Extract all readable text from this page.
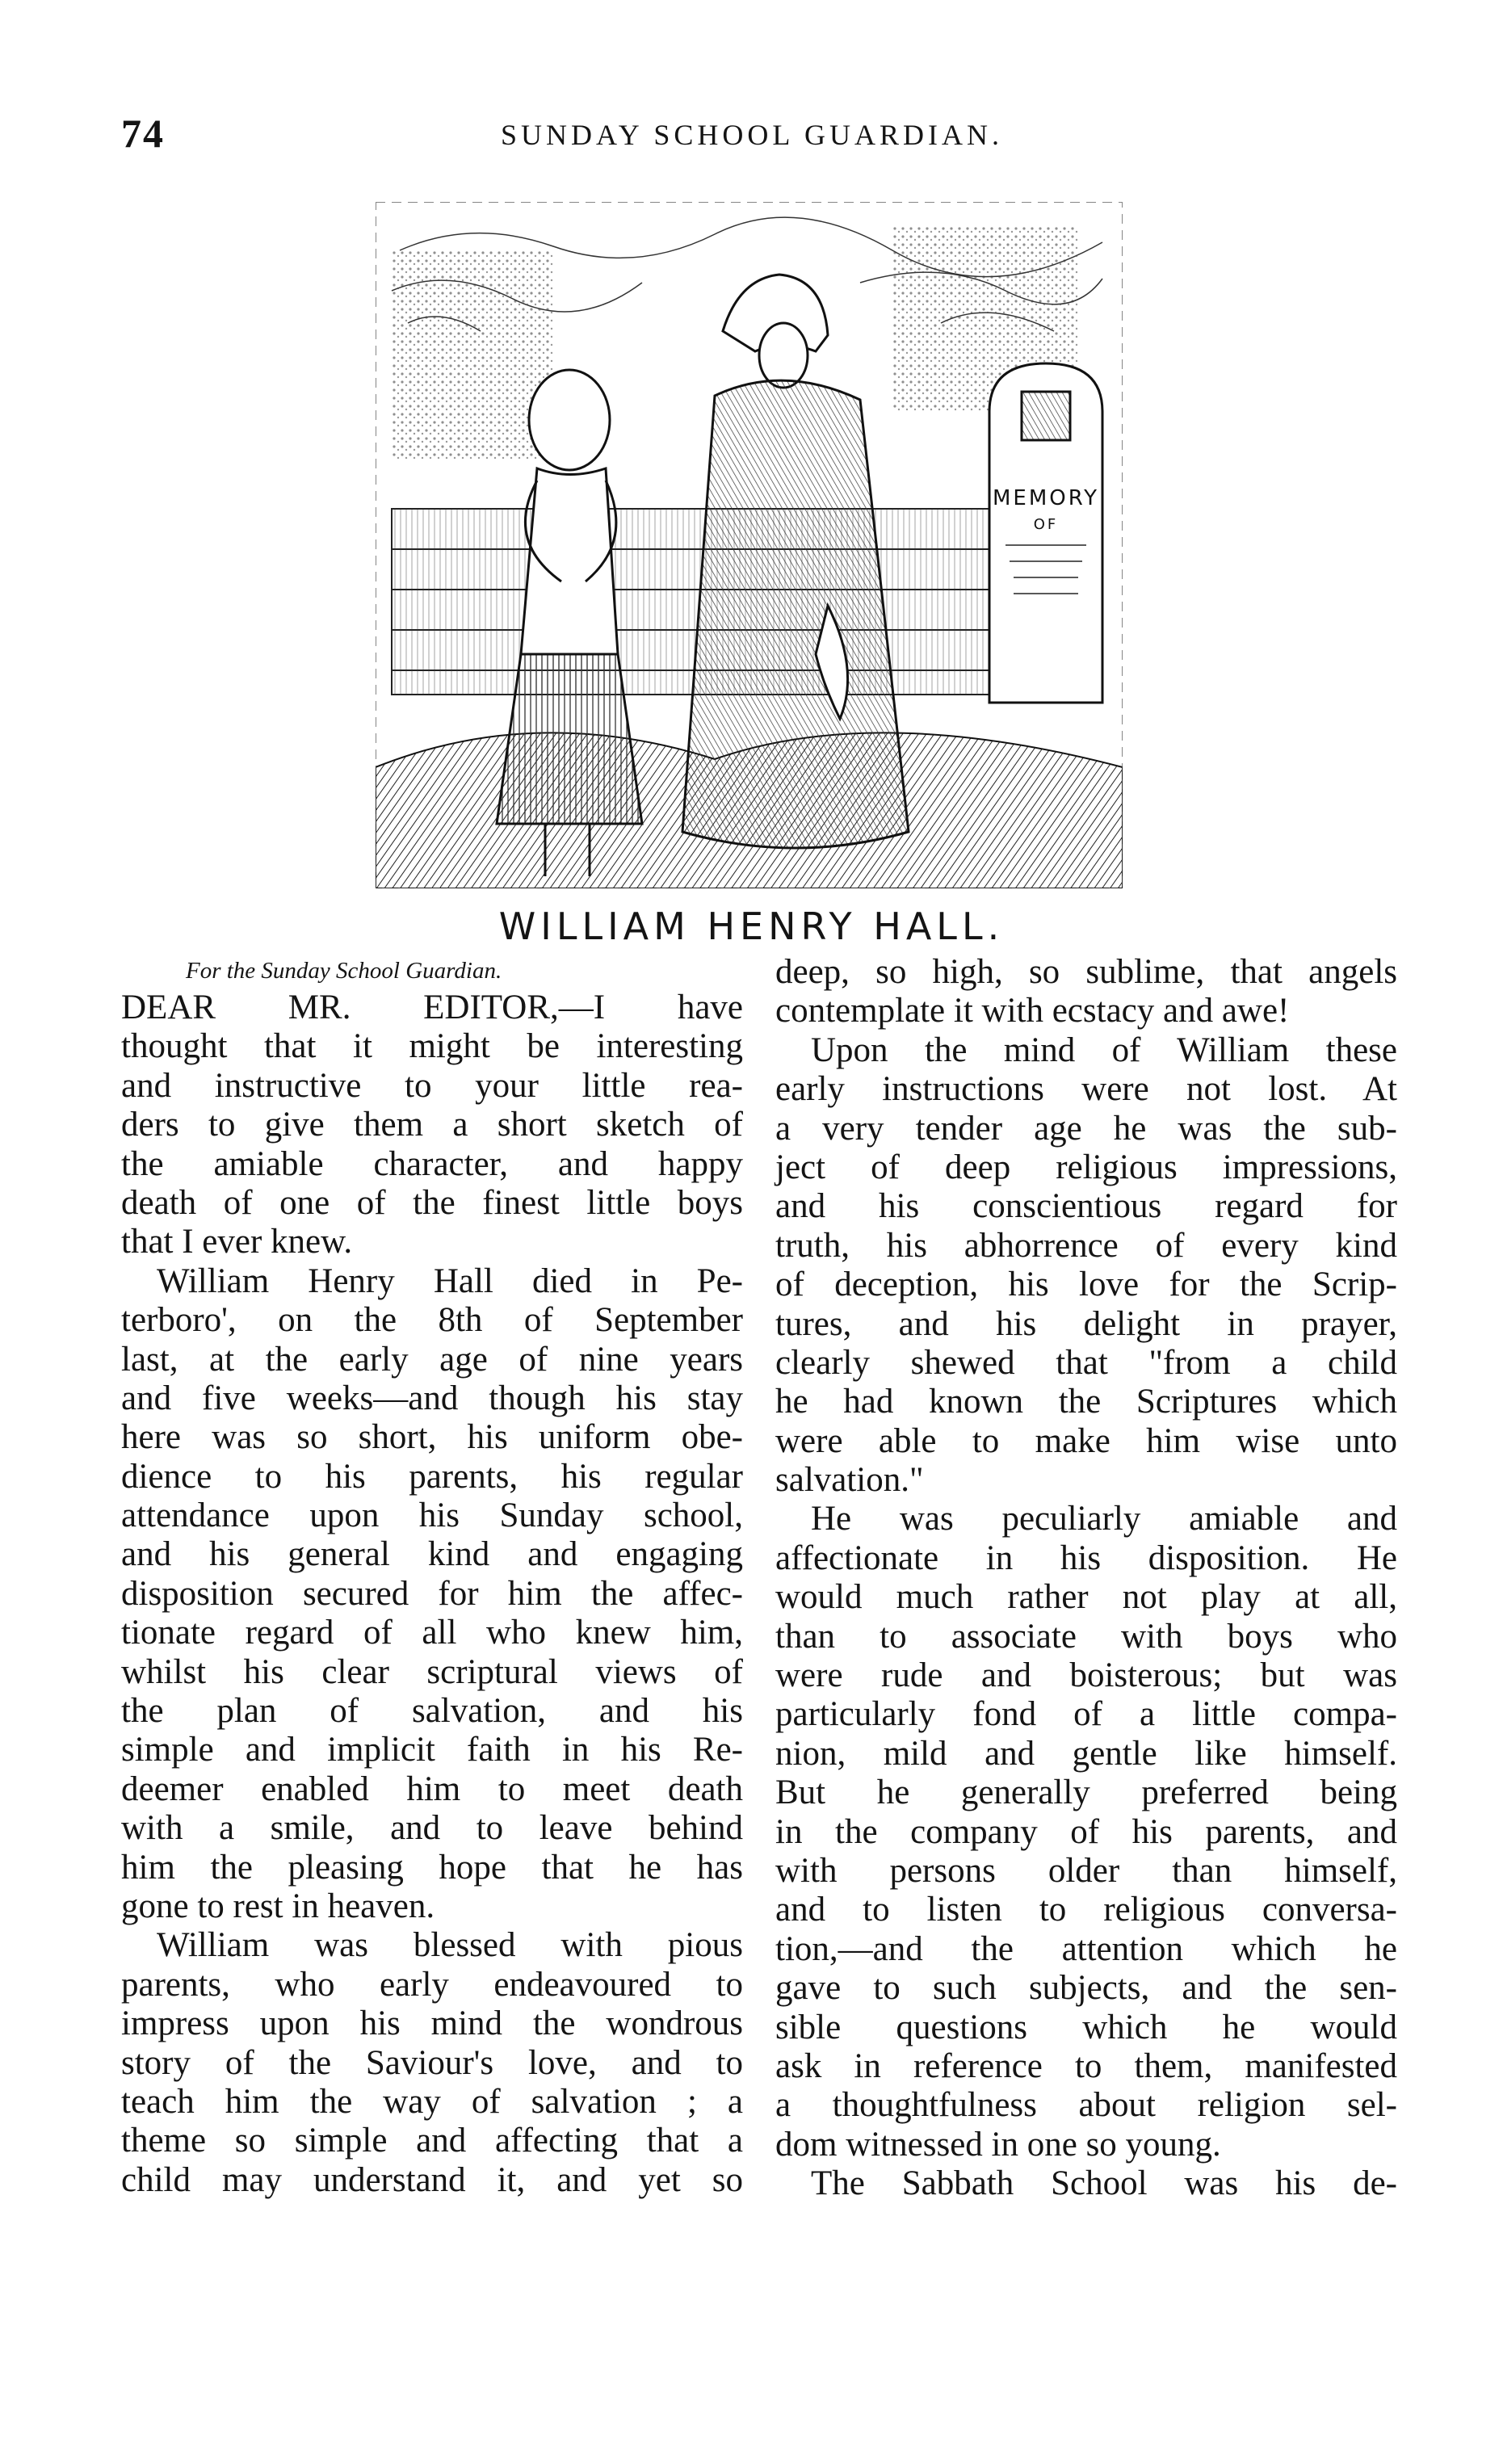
74	SUNDAY SCHOOL GUARDIAN.
MEMORY
OF
WILLIAM HENRY HALL.
For the Sunday School Guardian.
DEAR MR. EDITOR,—I have
thought that it might be interesting
and instructive to your little rea-
ders to give them a short sketch of
the amiable character, and happy
death of one of the finest little boys
that I ever knew.
William Henry Hall died in Pe-
terboro', on the 8th of September
last, at the early age of nine years
and five weeks—and though his stay
here was so short, his uniform obe-
dience to his parents, his regular
attendance upon his Sunday school,
and his general kind and engaging
disposition secured for him the affec-
tionate regard of all who knew him,
whilst his clear scriptural views of
the plan of salvation, and his
simple and implicit faith in his Re-
deemer enabled him to meet death
with a smile, and to leave behind
him the pleasing hope that he has
gone to rest in heaven.
William was blessed with pious
parents, who early endeavoured to
impress upon his mind the wondrous
story of the Saviour's love, and to
teach him the way of salvation ; a
theme so simple and affecting that a
child may understand it, and yet so
deep, so high, so sublime, that angels
contemplate it with ecstacy and awe!
Upon the mind of William these
early instructions were not lost. At
a very tender age he was the sub-
ject of deep religious impressions,
and his conscientious regard for
truth, his abhorrence of every kind
of deception, his love for the Scrip-
tures, and his delight in prayer,
clearly shewed that "from a child
he had known the Scriptures which
were able to make him wise unto
salvation."
He was peculiarly amiable and
affectionate in his disposition. He
would much rather not play at all,
than to associate with boys who
were rude and boisterous; but was
particularly fond of a little compa-
nion, mild and gentle like himself.
But he generally preferred being
in the company of his parents, and
with persons older than himself,
and to listen to religious conversa-
tion,—and the attention which he
gave to such subjects, and the sen-
sible questions which he would
ask in reference to them, manifested
a thoughtfulness about religion sel-
dom witnessed in one so young.
The Sabbath School was his de-
